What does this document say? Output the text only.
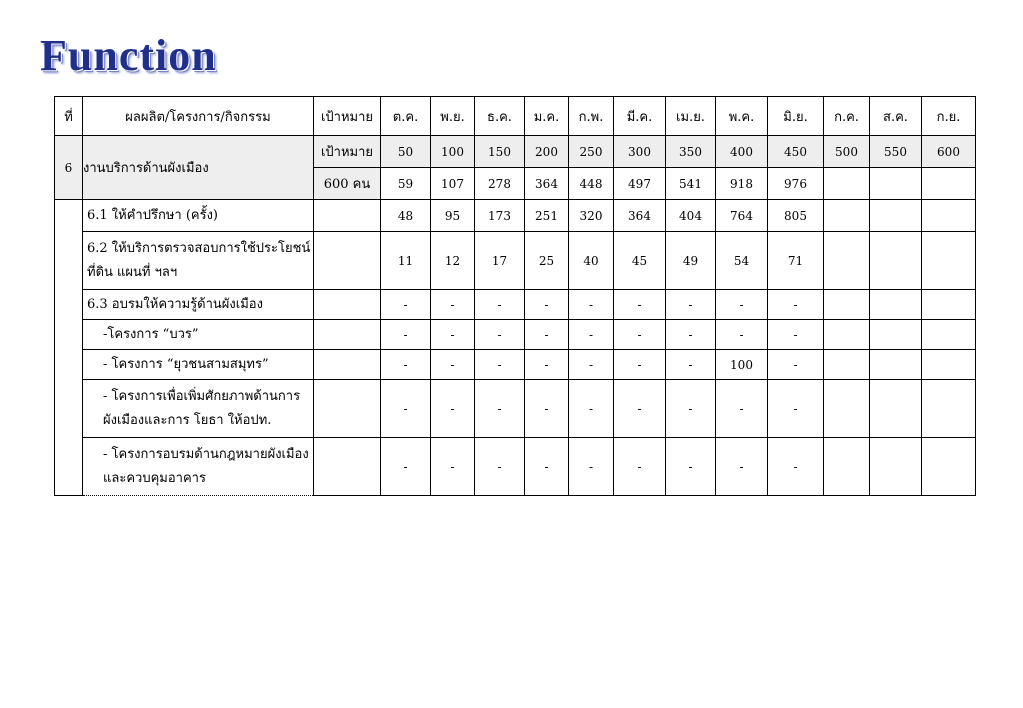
Function
ที่	ผลผลิต/โครงการ/กิจกรรม	เป้าหมาย	ต.ค.	พ.ย.	ธ.ค.	ม.ค.	ก.พ.	มี.ค.	เม.ย.	พ.ค.	มิ.ย.	ก.ค.	ส.ค.	ก.ย.
6	งานบริการด้านผังเมือง	เป้าหมาย	50	100	150	200	250	300	350	400	450	500	550	600
		600 คน	59	107	278	364	448	497	541	918	976			
	6.1 ให้คำปรึกษา (ครั้ง)		48	95	173	251	320	364	404	764	805			
	6.2 ให้บริการตรวจสอบการใช้ประโยชน์ที่ดิน แผนที่ ฯลฯ		11	12	17	25	40	45	49	54	71			
	6.3 อบรมให้ความรู้ด้านผังเมือง		-	-	-	-	-	-	-	-	-			
	-โครงการ “บวร”		-	-	-	-	-	-	-	-	-			
	- โครงการ “ยุวชนสามสมุทร”		-	-	-	-	-	-	-	100	-			
	- โครงการเพื่อเพิ่มศักยภาพด้านการผังเมืองและการ โยธา ให้อปท.		-	-	-	-	-	-	-	-	-			
	- โครงการอบรมด้านกฎหมายผังเมืองและควบคุมอาคาร		-	-	-	-	-	-	-	-	-			
